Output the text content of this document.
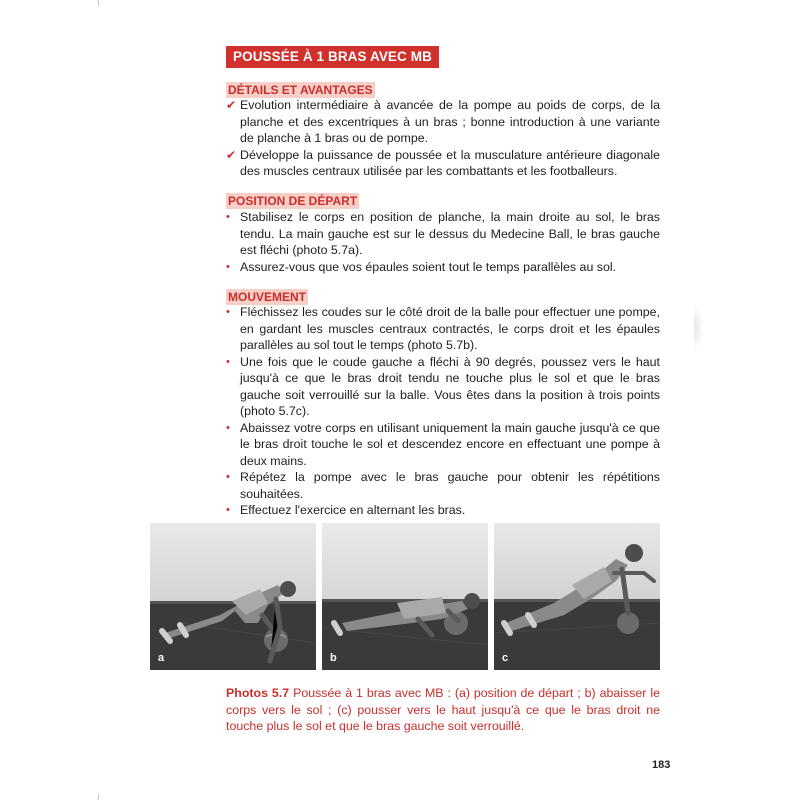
POUSSÉE À 1 BRAS AVEC MB
DÉTAILS ET AVANTAGES
✔ Evolution intermédiaire à avancée de la pompe au poids de corps, de la planche et des excentriques à un bras ; bonne introduction à une variante de planche à 1 bras ou de pompe.
✔ Développe la puissance de poussée et la musculature antérieure diagonale des muscles centraux utilisée par les combattants et les footballeurs.
POSITION DE DÉPART
• Stabilisez le corps en position de planche, la main droite au sol, le bras tendu. La main gauche est sur le dessus du Medecine Ball, le bras gauche est fléchi (photo 5.7a).
• Assurez-vous que vos épaules soient tout le temps parallèles au sol.
MOUVEMENT
• Fléchissez les coudes sur le côté droit de la balle pour effectuer une pompe, en gardant les muscles centraux contractés, le corps droit et les épaules parallèles au sol tout le temps (photo 5.7b).
• Une fois que le coude gauche a fléchi à 90 degrés, poussez vers le haut jusqu'à ce que le bras droit tendu ne touche plus le sol et que le bras gauche soit verrouillé sur la balle. Vous êtes dans la position à trois points (photo 5.7c).
• Abaissez votre corps en utilisant uniquement la main gauche jusqu'à ce que le bras droit touche le sol et descendez encore en effectuant une pompe à deux mains.
• Répétez la pompe avec le bras gauche pour obtenir les répétitions souhaitées.
• Effectuez l'exercice en alternant les bras.
a	b	c
Photos 5.7 Poussée à 1 bras avec MB : (a) position de départ ; b) abaisser le corps vers le sol ; (c) pousser vers le haut jusqu'à ce que le bras droit ne touche plus le sol et que le bras gauche soit verrouillé.
183
